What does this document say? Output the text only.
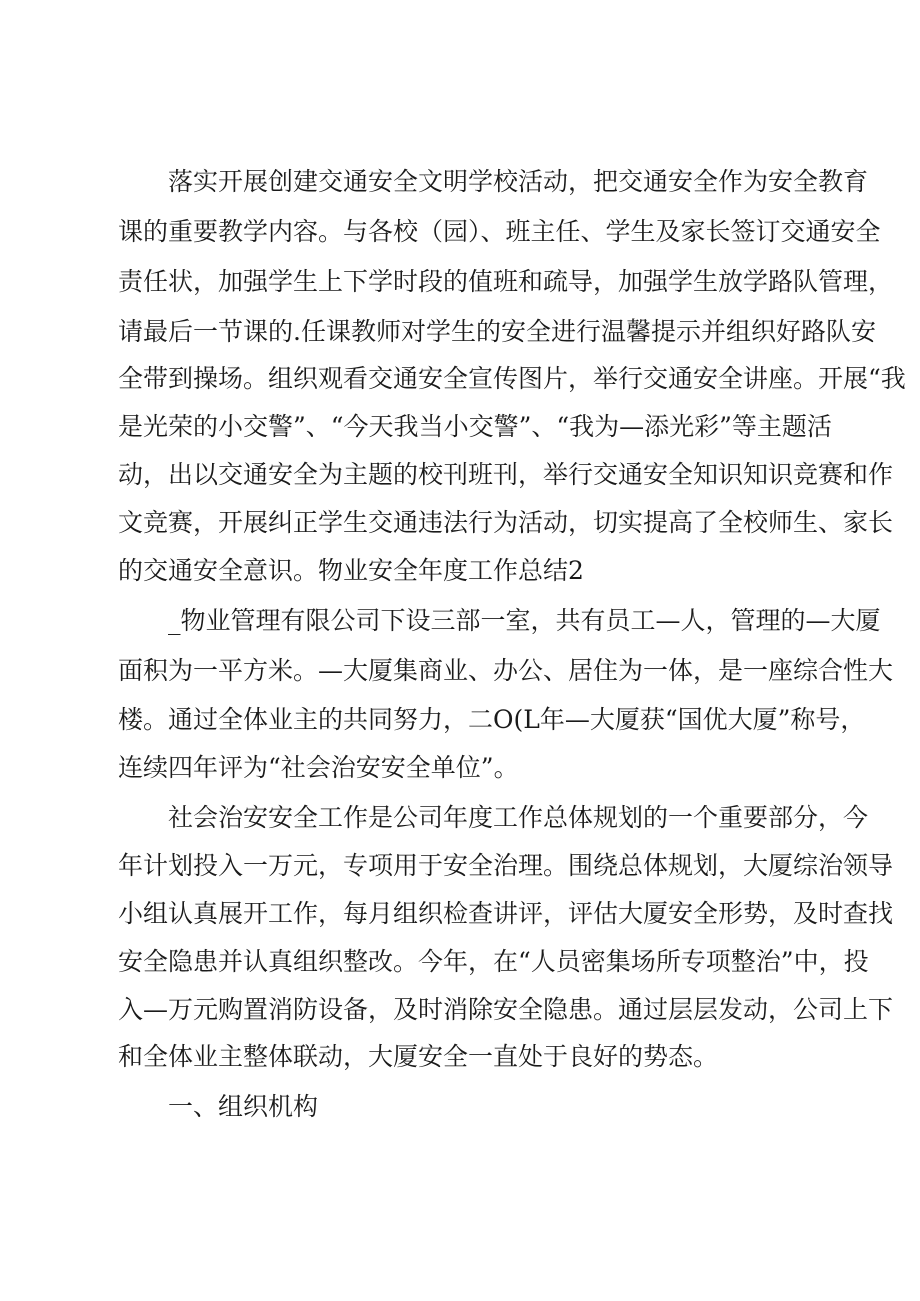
落实开展创建交通安全文明学校活动，把交通安全作为安全教育
课的重要教学内容。与各校（园）、班主任、学生及家长签订交通安全
责任状，加强学生上下学时段的值班和疏导，加强学生放学路队管理，
请最后一节课的.任课教师对学生的安全进行温馨提示并组织好路队安
全带到操场。组织观看交通安全宣传图片，举行交通安全讲座。开展“我
是光荣的小交警”、“今天我当小交警”、“我为—添光彩”等主题活
动，出以交通安全为主题的校刊班刊，举行交通安全知识知识竞赛和作
文竞赛，开展纠正学生交通违法行为活动，切实提高了全校师生、家长
的交通安全意识。物业安全年度工作总结2
_物业管理有限公司下设三部一室，共有员工—人，管理的—大厦
面积为一平方米。—大厦集商业、办公、居住为一体，是一座综合性大
楼。通过全体业主的共同努力，二O(L年—大厦获“国优大厦”称号，
连续四年评为“社会治安安全单位”。
社会治安安全工作是公司年度工作总体规划的一个重要部分，今
年计划投入一万元，专项用于安全治理。围绕总体规划，大厦综治领导
小组认真展开工作，每月组织检查讲评，评估大厦安全形势，及时查找
安全隐患并认真组织整改。今年，在“人员密集场所专项整治”中，投
入—万元购置消防设备，及时消除安全隐患。通过层层发动，公司上下
和全体业主整体联动，大厦安全一直处于良好的势态。
一、组织机构
